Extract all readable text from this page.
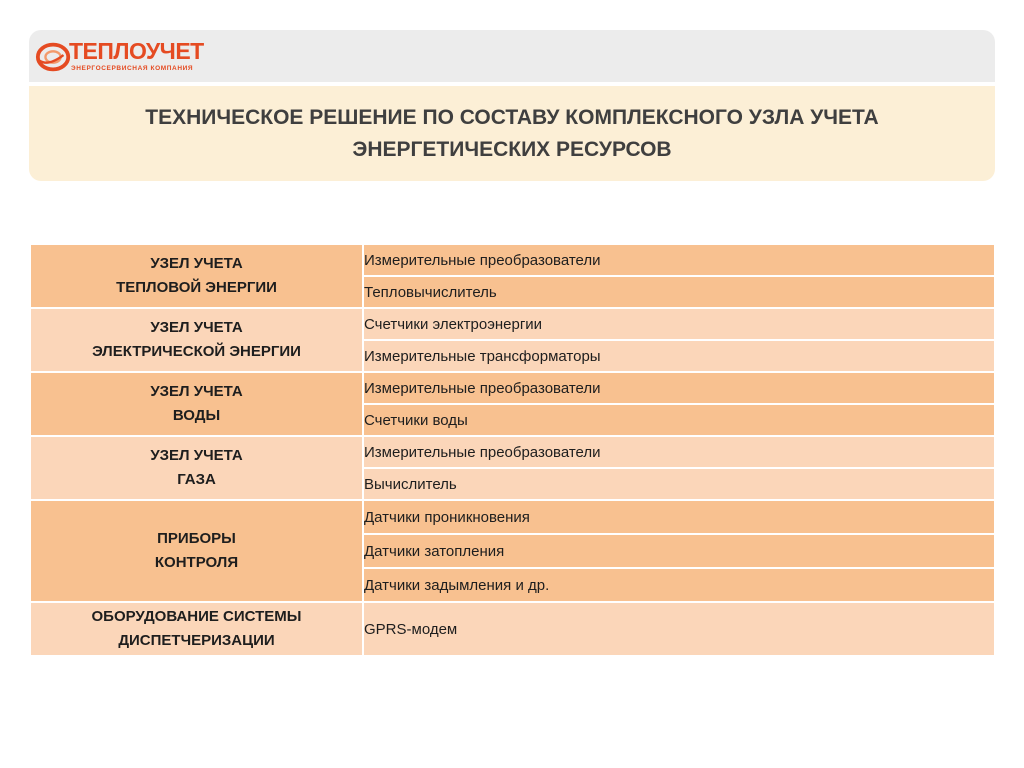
ТЕПЛОУЧЕТ
ЭНЕРГОСЕРВИСНАЯ КОМПАНИЯ
ТЕХНИЧЕСКОЕ РЕШЕНИЕ ПО СОСТАВУ КОМПЛЕКСНОГО УЗЛА УЧЕТА
ЭНЕРГЕТИЧЕСКИХ РЕСУРСОВ
УЗЕЛ УЧЕТА
ТЕПЛОВОЙ ЭНЕРГИИ	Измерительные преобразователи
	Тепловычислитель
УЗЕЛ УЧЕТА
ЭЛЕКТРИЧЕСКОЙ ЭНЕРГИИ	Счетчики электроэнергии
	Измерительные трансформаторы
УЗЕЛ УЧЕТА
ВОДЫ	Измерительные преобразователи
	Счетчики воды
УЗЕЛ УЧЕТА
ГАЗА	Измерительные преобразователи
	Вычислитель
ПРИБОРЫ
КОНТРОЛЯ	Датчики проникновения
	Датчики затопления
	Датчики задымления и др.
ОБОРУДОВАНИЕ СИСТЕМЫ
ДИСПЕТЧЕРИЗАЦИИ	GPRS-модем
